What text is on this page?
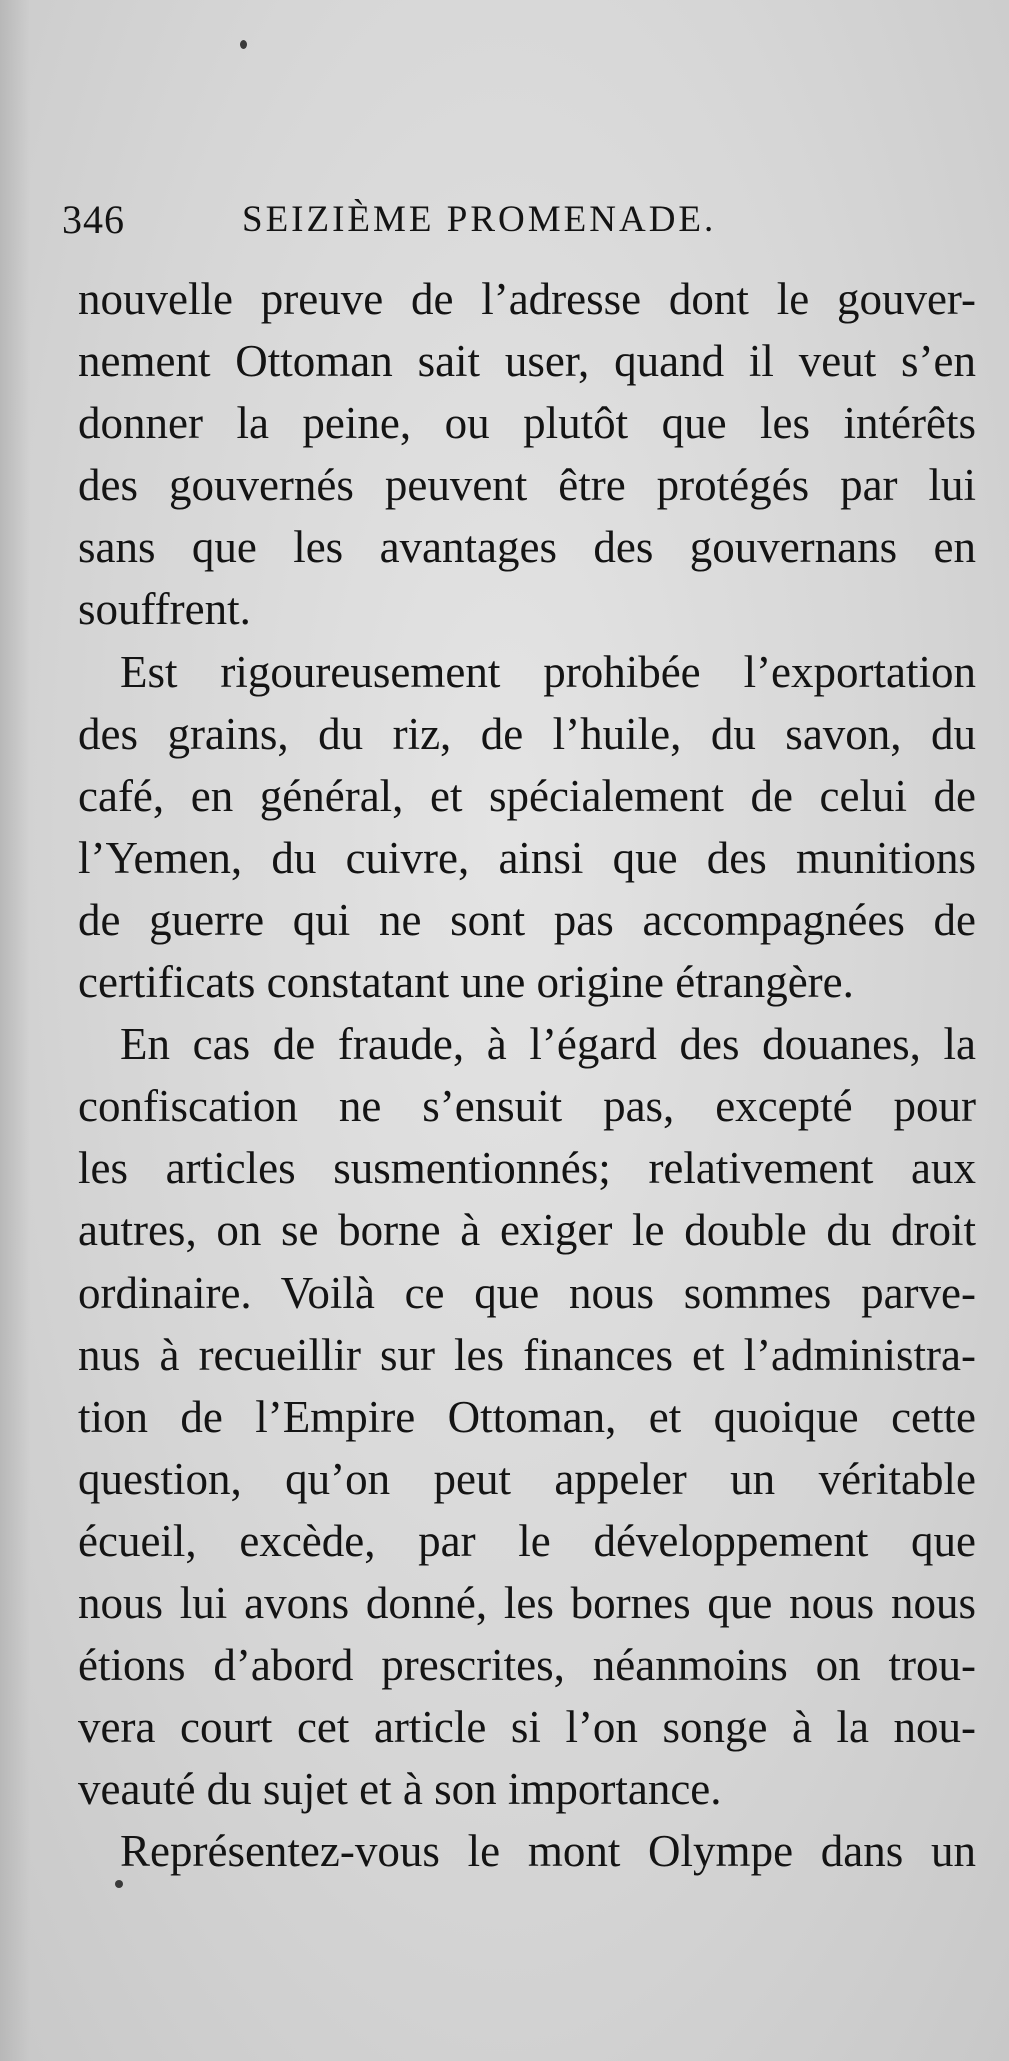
346	SEIZIÈME PROMENADE.
nouvelle preuve de l’adresse dont le gouver-
nement Ottoman sait user, quand il veut s’en
donner la peine, ou plutôt que les intérêts
des gouvernés peuvent être protégés par lui
sans que les avantages des gouvernans en
souffrent.
Est rigoureusement prohibée l’exportation
des grains, du riz, de l’huile, du savon, du
café, en général, et spécialement de celui de
l’Yemen, du cuivre, ainsi que des munitions
de guerre qui ne sont pas accompagnées de
certificats constatant une origine étrangère.
En cas de fraude, à l’égard des douanes, la
confiscation ne s’ensuit pas, excepté pour
les articles susmentionnés; relativement aux
autres, on se borne à exiger le double du droit
ordinaire. Voilà ce que nous sommes parve-
nus à recueillir sur les finances et l’administra-
tion de l’Empire Ottoman, et quoique cette
question, qu’on peut appeler un véritable
écueil, excède, par le développement que
nous lui avons donné, les bornes que nous nous
étions d’abord prescrites, néanmoins on trou-
vera court cet article si l’on songe à la nou-
veauté du sujet et à son importance.
Représentez-vous le mont Olympe dans un
